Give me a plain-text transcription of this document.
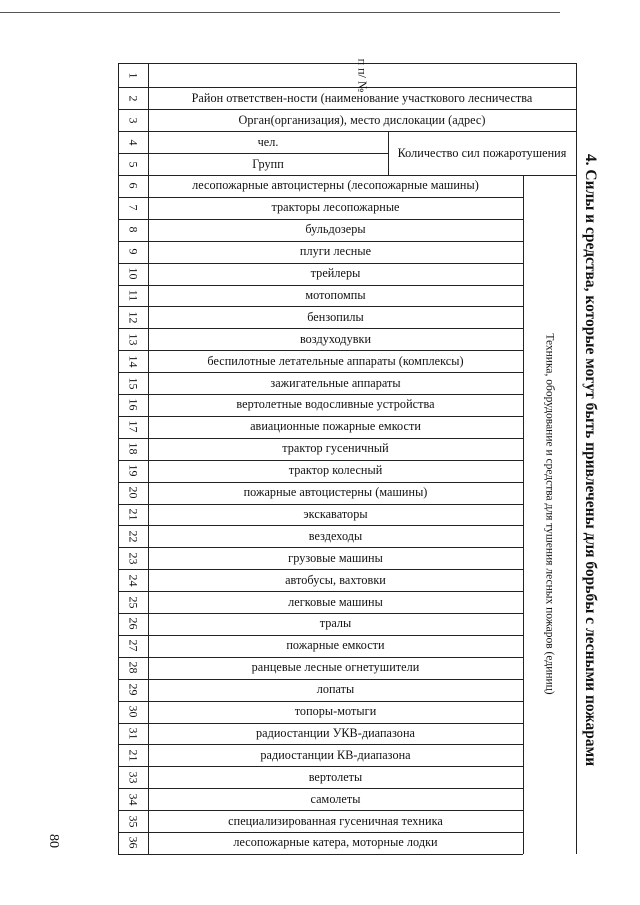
1	п п/ №
2	Район ответствен-ности (наименование участкового лесничества
3	Орган(организация), место дислокации (адрес)
4	чел.
5	Групп
Количество сил пожаротушения
6	лесопожарные автоцистерны (лесопожарные машины)
7	тракторы лесопожарные
8	бульдозеры
9	плуги лесные
10	трейлеры
11	мотопомпы
12	бензопилы
13	воздуходувки
14	беспилотные летательные аппараты (комплексы)
15	зажигательные аппараты
16	вертолетные водосливные устройства
17	авиационные пожарные емкости
18	трактор гусеничный
19	трактор колесный
20	пожарные автоцистерны (машины)
21	экскаваторы
22	вездеходы
23	грузовые машины
24	автобусы, вахтовки
25	легковые машины
26	тралы
27	пожарные емкости
28	ранцевые лесные огнетушители
29	лопаты
30	топоры-мотыги
31	радиостанции УКВ-диапазона
21	радиостанции КВ-диапазона
33	вертолеты
34	самолеты
35	специализированная гусеничная техника
36	лесопожарные катера, моторные лодки
Техника, оборудование и средства для тушения лесных пожаров (единиц) 4. Силы и средства, которые могут быть привлечены для борьбы с лесными пожарами
80
